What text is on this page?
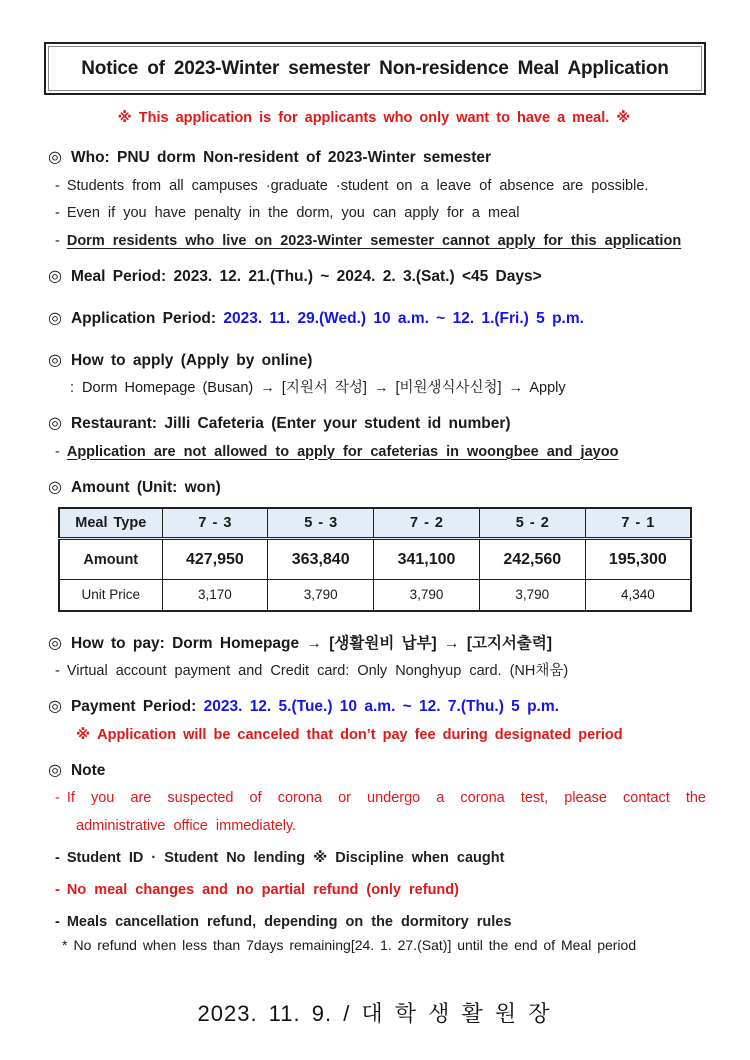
Notice of 2023-Winter semester Non-residence Meal Application
※ This application is for applicants who only want to have a meal. ※
◎ Who: PNU dorm Non-resident of 2023-Winter semester
- Students from all campuses ·graduate ·student on a leave of absence are possible.
- Even if you have penalty in the dorm, you can apply for a meal
- Dorm residents who live on 2023-Winter semester cannot apply for this application
◎ Meal Period: 2023. 12. 21.(Thu.) ~ 2024. 2. 3.(Sat.) <45 Days>
◎ Application Period: 2023. 11. 29.(Wed.) 10 a.m. ~ 12. 1.(Fri.) 5 p.m.
◎ How to apply (Apply by online)
: Dorm Homepage (Busan) → [지원서 작성] → [비원생식사신청] → Apply
◎ Restaurant: Jilli Cafeteria (Enter your student id number)
- Application are not allowed to apply for cafeterias in woongbee and jayoo
◎ Amount (Unit: won)
Meal Type	7 - 3	5 - 3	7 - 2	5 - 2	7 - 1
Amount	427,950	363,840	341,100	242,560	195,300
Unit Price	3,170	3,790	3,790	3,790	4,340
◎ How to pay: Dorm Homepage → [생활원비 납부] → [고지서출력]
- Virtual account payment and Credit card: Only Nonghyup card. (NH채움)
◎ Payment Period: 2023. 12. 5.(Tue.) 10 a.m. ~ 12. 7.(Thu.) 5 p.m.
※ Application will be canceled that don’t pay fee during designated period
◎ Note
- If you are suspected of corona or undergo a corona test, please contact the
administrative office immediately.
- Student ID · Student No lending ※ Discipline when caught
- No meal changes and no partial refund (only refund)
- Meals cancellation refund, depending on the dormitory rules
* No refund when less than 7days remaining[24. 1. 27.(Sat)] until the end of Meal period
2023. 11. 9. / 대 학 생 활 원 장
